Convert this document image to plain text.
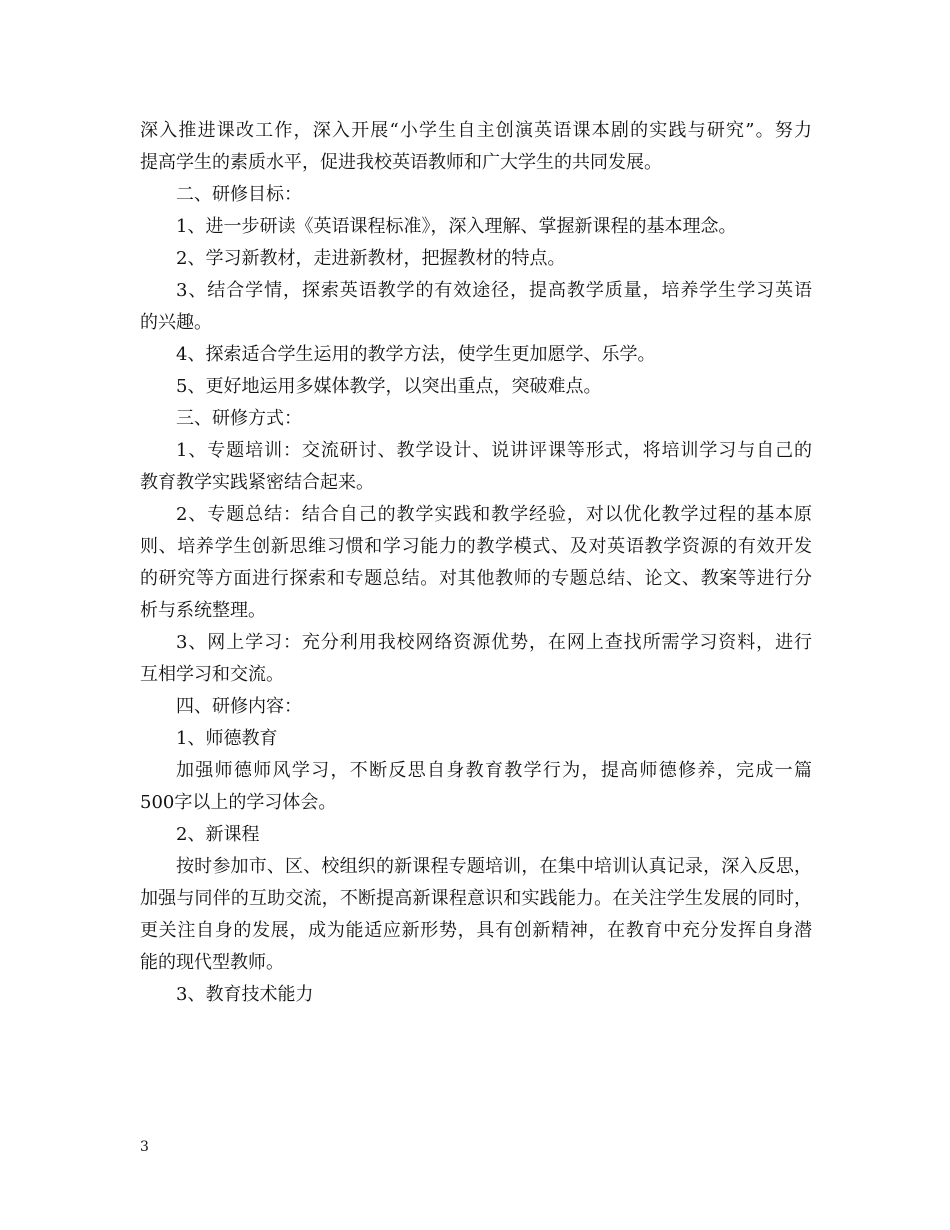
深入推进课改工作，深入开展“小学生自主创演英语课本剧的实践与研究”。努力
提高学生的素质水平，促进我校英语教师和广大学生的共同发展。
二、研修目标：
1、进一步研读《英语课程标准》，深入理解、掌握新课程的基本理念。
2、学习新教材，走进新教材，把握教材的特点。
3、结合学情，探索英语教学的有效途径，提高教学质量，培养学生学习英语
的兴趣。
4、探索适合学生运用的教学方法，使学生更加愿学、乐学。
5、更好地运用多媒体教学，以突出重点，突破难点。
三、研修方式：
1、专题培训：交流研讨、教学设计、说讲评课等形式，将培训学习与自己的
教育教学实践紧密结合起来。
2、专题总结：结合自己的教学实践和教学经验，对以优化教学过程的基本原
则、培养学生创新思维习惯和学习能力的教学模式、及对英语教学资源的有效开发
的研究等方面进行探索和专题总结。对其他教师的专题总结、论文、教案等进行分
析与系统整理。
3、网上学习：充分利用我校网络资源优势，在网上查找所需学习资料，进行
互相学习和交流。
四、研修内容：
1、师德教育
加强师德师风学习，不断反思自身教育教学行为，提高师德修养，完成一篇
500字以上的学习体会。
2、新课程
按时参加市、区、校组织的新课程专题培训，在集中培训认真记录，深入反思，
加强与同伴的互助交流，不断提高新课程意识和实践能力。在关注学生发展的同时，
更关注自身的发展，成为能适应新形势，具有创新精神，在教育中充分发挥自身潜
能的现代型教师。
3、教育技术能力
3
